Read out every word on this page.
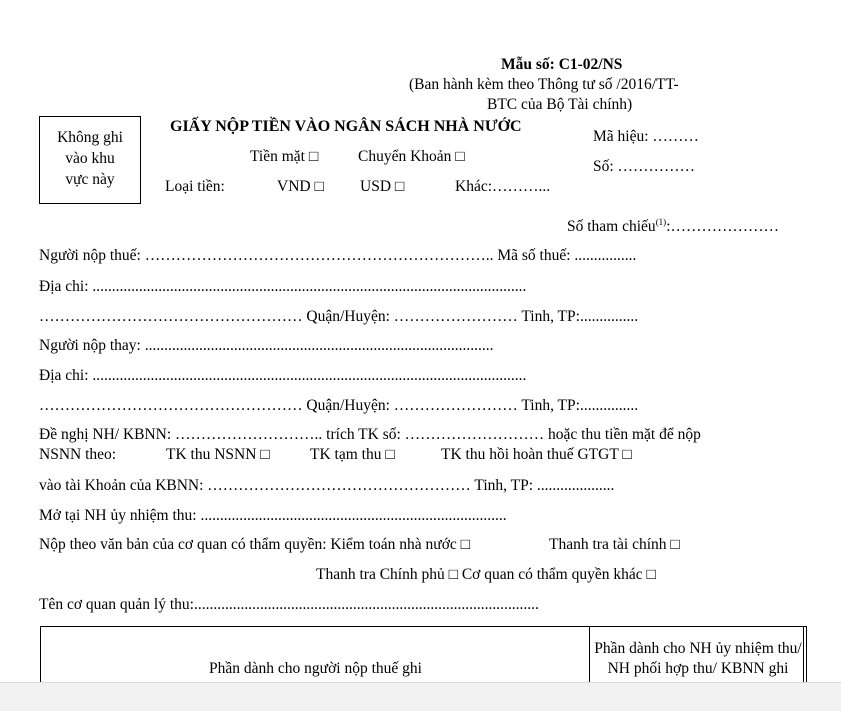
Mẫu số: C1-02/NS
(Ban hành kèm theo Thông tư số /2016/TT-
BTC của Bộ Tài chính)
Không ghi
vào khu
vực này
GIẤY NỘP TIỀN VÀO NGÂN SÁCH NHÀ NƯỚC
Tiền mặt □	Chuyển Khoản □
Loại tiền:	VND □ USD □	Khác:………...
Mã hiệu: ………
Số: ……………
Số tham chiếu$^{(1)}$:…………………
Người nộp thuế: ………………………………………………………….. Mã số thuế: ................
Địa chi: ................................................................................................................
…………………………………………… Quận/Huyện: …………………… Tinh, TP:...............
Người nộp thay: ..........................................................................................
Địa chi: ................................................................................................................
…………………………………………… Quận/Huyện: …………………… Tinh, TP:...............
Đề nghị NH/ KBNN: ……………………….. trích TK số: ……………………… hoặc thu tiền mặt để nộp
NSNN theo:	TK thu NSNN □	TK tạm thu □	TK thu hồi hoàn thuế GTGT □
vào tài Khoản của KBNN: …………………………………………… Tinh, TP: ....................
Mở tại NH ủy nhiệm thu: ...............................................................................
Nộp theo văn bản của cơ quan có thẩm quyền: Kiểm toán nhà nước □	Thanh tra tài chính □
Thanh tra Chính phủ □ Cơ quan có thẩm quyền khác □
Tên cơ quan quản lý thu:.........................................................................................
Phần dành cho người nộp thuế ghi
Phần dành cho NH ủy nhiệm thu/ NH phối hợp thu/ KBNN ghi
